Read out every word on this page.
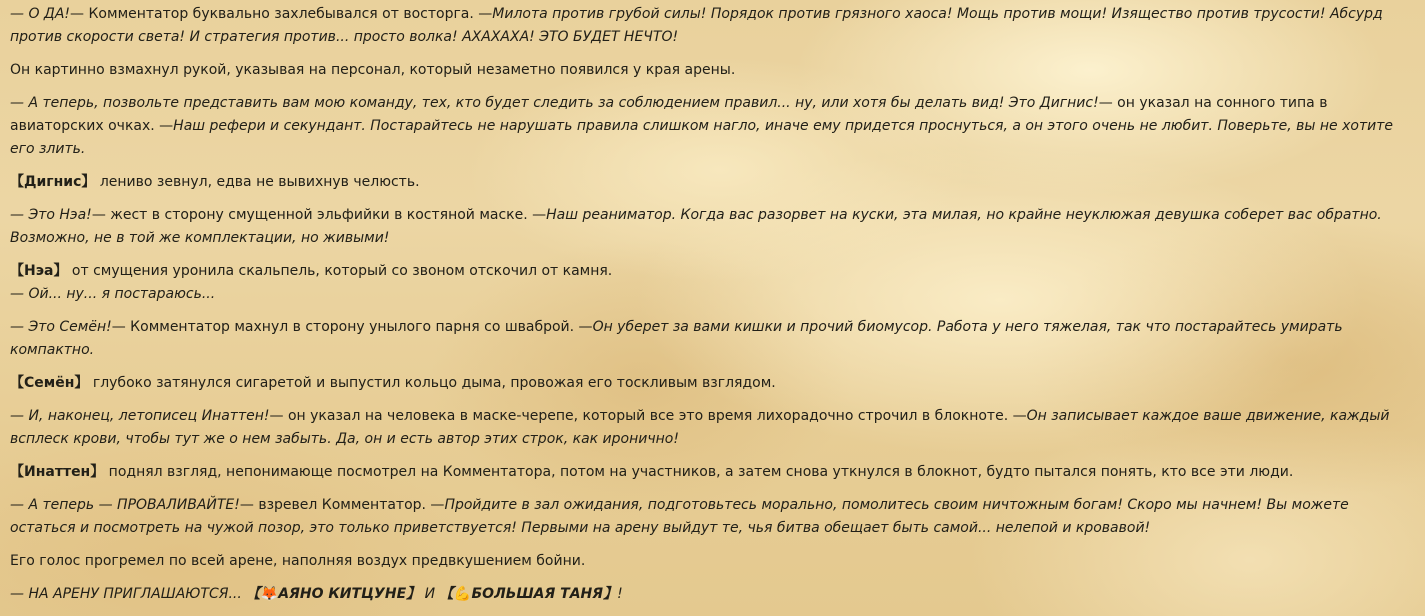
— О ДА!— Комментатор буквально захлебывался от восторга. —Милота против грубой силы! Порядок против грязного хаоса! Мощь против мощи! Изящество против трусости! Абсурд против скорости света! И стратегия против... просто волка! АХАХАХА! ЭТО БУДЕТ НЕЧТО!

Он картинно взмахнул рукой, указывая на персонал, который незаметно появился у края арены.

— А теперь, позвольте представить вам мою команду, тех, кто будет следить за соблюдением правил... ну, или хотя бы делать вид! Это Дигнис!— он указал на сонного типа в авиаторских очках. —Наш рефери и секундант. Постарайтесь не нарушать правила слишком нагло, иначе ему придется проснуться, а он этого очень не любит. Поверьте, вы не хотите его злить.

【Дигнис】 лениво зевнул, едва не вывихнув челюсть.

— Это Нэа!— жест в сторону смущенной эльфийки в костяной маске. —Наш реаниматор. Когда вас разорвет на куски, эта милая, но крайне неуклюжая девушка соберет вас обратно. Возможно, не в той же комплектации, но живыми!

【Нэа】 от смущения уронила скальпель, который со звоном отскочил от камня.
— Ой... ну... я постараюсь...

— Это Семён!— Комментатор махнул в сторону унылого парня со шваброй. —Он уберет за вами кишки и прочий биомусор. Работа у него тяжелая, так что постарайтесь умирать компактно.

【Семён】 глубоко затянулся сигаретой и выпустил кольцо дыма, провожая его тоскливым взглядом.

— И, наконец, летописец Инаттен!— он указал на человека в маске-черепе, который все это время лихорадочно строчил в блокноте. —Он записывает каждое ваше движение, каждый всплеск крови, чтобы тут же о нем забыть. Да, он и есть автор этих строк, как иронично!

【Инаттен】 поднял взгляд, непонимающе посмотрел на Комментатора, потом на участников, а затем снова уткнулся в блокнот, будто пытался понять, кто все эти люди.

— А теперь — ПРОВАЛИВАЙТЕ!— взревел Комментатор. —Пройдите в зал ожидания, подготовьтесь морально, помолитесь своим ничтожным богам! Скоро мы начнем! Вы можете остаться и посмотреть на чужой позор, это только приветствуется! Первыми на арену выйдут те, чья битва обещает быть самой... нелепой и кровавой!

Его голос прогремел по всей арене, наполняя воздух предвкушением бойни.

— НА АРЕНУ ПРИГЛАШАЮТСЯ... 【🦊АЯНО КИТЦУНЕ】 И 【💪БОЛЬШАЯ ТАНЯ】!
